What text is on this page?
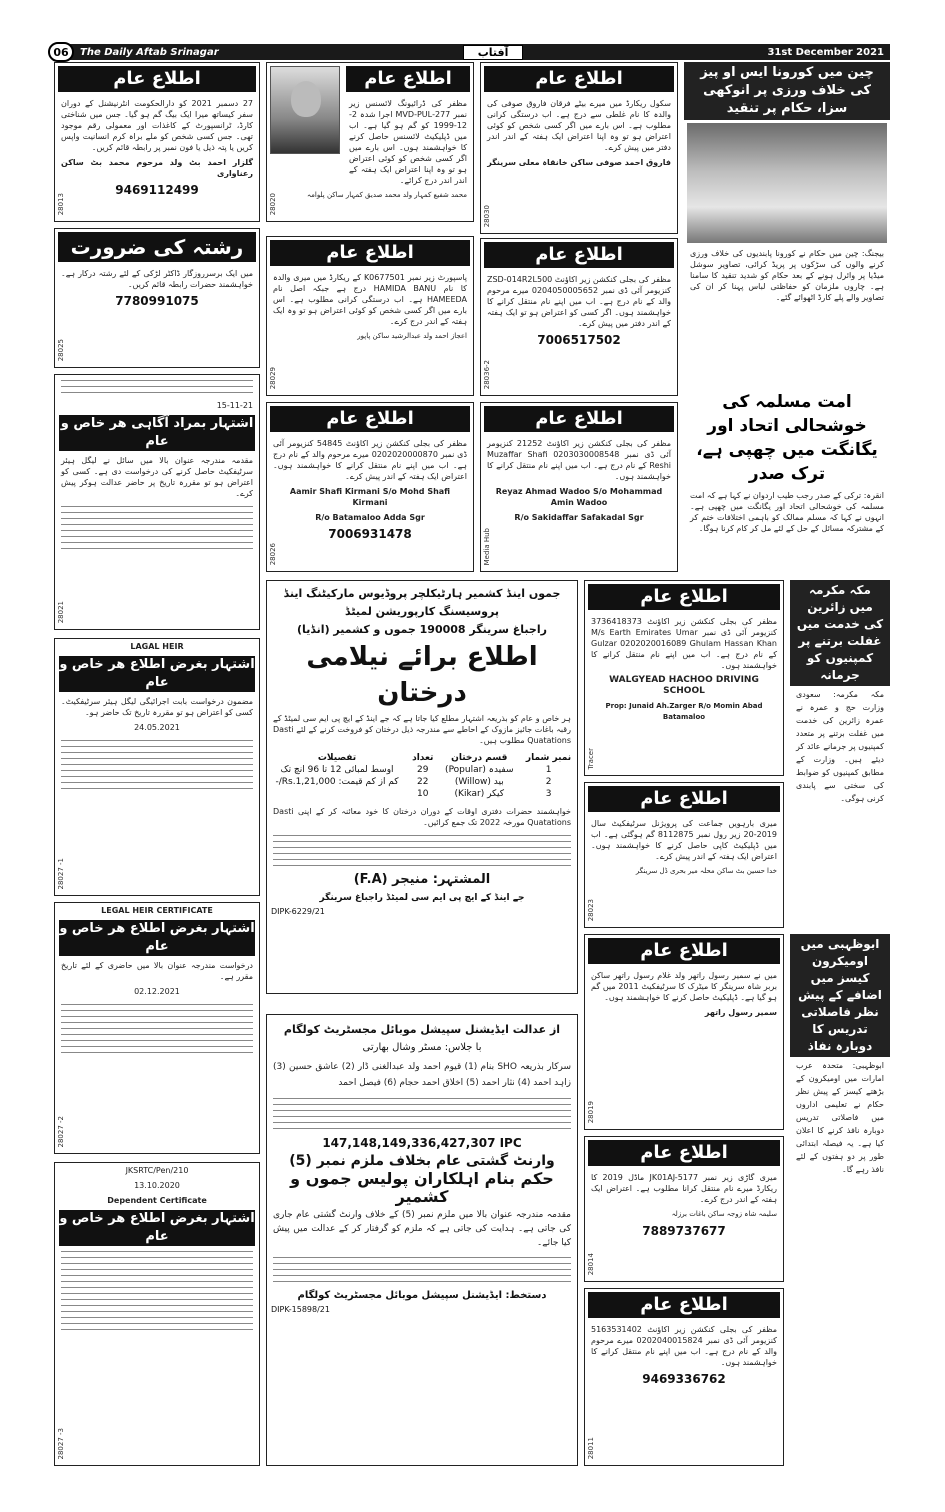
06	The Daily Aftab Srinagar	آفتاب	31st December 2021
اطلاع عام
27 دسمبر 2021 کو دارالحکومت انٹرنیشنل کے دوران سفر کیساتھ میرا ایک بیگ گم ہو گیا۔ جس میں شناختی کارڈ، ٹرانسپورٹ کے کاغذات اور معمولی رقم موجود تھی۔ جس کسی شخص کو ملے براہ کرم انسانیت واپس کریں یا پتہ ذیل یا فون نمبر پر رابطہ قائم کریں۔
گلزار احمد بٹ ولد مرحوم محمد بٹ ساکن رعناواری
9469112499
28013
اطلاع عام
مظفر کی ڈرائیونگ لائسنس زیر نمبر 277-MVD-PUL اجرا شدہ 2-12-1999 کو گم ہو گیا ہے۔ اب میں ڈپلیکیٹ لائسنس حاصل کرنے کا خواہشمند ہوں۔ اس بارے میں اگر کسی شخص کو کوئی اعتراض ہو تو وہ اپنا اعتراض ایک ہفتہ کے اندر اندر درج کرائے۔
محمد شفیع کمہار ولد محمد صدیق کمہار ساکن پلوامہ
28020
اطلاع عام
سکول ریکارڈ میں میرے بیٹے فرقان فاروق صوفی کی والدہ کا نام غلطی سے درج ہے۔ اب درستگی کرانی مطلوب ہے۔ اس بارے میں اگر کسی شخص کو کوئی اعتراض ہو تو وہ اپنا اعتراض ایک ہفتہ کے اندر اندر دفتر میں پیش کرے۔
فاروق احمد صوفی ساکن خانقاہ معلی سرینگر
28030
چین میں کورونا ایس او پیز کی خلاف ورزی پر انوکھی سزا، حکام پر تنقید
بیجنگ: چین میں حکام نے کورونا پابندیوں کی خلاف ورزی کرنے والوں کی سڑکوں پر پریڈ کرائی، تصاویر سوشل میڈیا پر وائرل ہونے کے بعد حکام کو شدید تنقید کا سامنا ہے۔ چاروں ملزمان کو حفاظتی لباس پہنا کر ان کی تصاویر والے پلے کارڈ اٹھوائے گئے۔
رشتہ کی ضرورت
میں ایک برسرروزگار ڈاکٹر لڑکی کے لئے رشتہ درکار ہے۔ خواہشمند حضرات رابطہ قائم کریں۔
7780991075
28025
اطلاع عام
پاسپورٹ زیر نمبر K0677501 کے ریکارڈ میں میری والدہ کا نام HAMIDA BANU درج ہے جبکہ اصل نام HAMEEDA ہے۔ اب درستگی کرانی مطلوب ہے۔ اس بارے میں اگر کسی شخص کو کوئی اعتراض ہو تو وہ ایک ہفتہ کے اندر درج کرے۔
اعجاز احمد ولد عبدالرشید ساکن پاپور
28029
اطلاع عام
مظفر کی بجلی کنکشن زیر اکاؤنٹ ZSD-014R2L500 کنزیومر آئی ڈی نمبر 0204050005652 میرے مرحوم والد کے نام درج ہے۔ اب میں اپنے نام منتقل کرانے کا خواہشمند ہوں۔ اگر کسی کو اعتراض ہو تو ایک ہفتہ کے اندر دفتر میں پیش کرے۔
7006517502
28036-2
15-11-21
اشتہار بمراد آگاہی هر خاص و عام
مقدمہ مندرجہ عنوان بالا میں سائل نے لیگل ہیئر سرٹیفکیٹ حاصل کرنے کی درخواست دی ہے۔ کسی کو اعتراض ہو تو مقررہ تاریخ پر حاضر عدالت ہوکر پیش کرے۔
28021
LAGAL HEIR
اشتہار بغرض اطلاع هر خاص و عام
مضمون درخواست بابت اجرائیگی لیگل ہیئر سرٹیفکیٹ۔ کسی کو اعتراض ہو تو مقررہ تاریخ تک حاضر ہو۔
24.05.2021
28027 -1
LEGAL HEIR CERTIFICATE
اشتہار بغرض اطلاع هر خاص و عام
درخواست مندرجہ عنوان بالا میں حاضری کے لئے تاریخ مقرر ہے۔
02.12.2021
28027 -2
JKSRTC/Pen/210
13.10.2020
Dependent Certificate
اشتہار بغرض اطلاع هر خاص و عام
28027 -3
اطلاع عام
مظفر کی بجلی کنکشن زیر اکاؤنٹ 54845 کنزیومر آئی ڈی نمبر 0202020000870 میرے مرحوم والد کے نام درج ہے۔ اب میں اپنے نام منتقل کرانے کا خواہشمند ہوں۔ اعتراض ایک ہفتہ کے اندر پیش کرے۔
Aamir Shafi Kirmani S/o Mohd Shafi Kirmani
R/o Batamaloo Adda Sgr
7006931478
28026
اطلاع عام
مظفر کی بجلی کنکشن زیر اکاؤنٹ 21252 کنزیومر آئی ڈی نمبر 0203030008548 Muzaffar Shafi Reshi کے نام درج ہے۔ اب میں اپنے نام منتقل کرانے کا خواہشمند ہوں۔
Reyaz Ahmad Wadoo S/o Mohammad Amin Wadoo
R/o Sakidaffar Safakadal Sgr
Media Hub
امت مسلمہ کی خوشحالی اتحاد اور یگانگت میں چھپی ہے، ترک صدر
انقرہ: ترکی کے صدر رجب طیب اردوان نے کہا ہے کہ امت مسلمہ کی خوشحالی اتحاد اور یگانگت میں چھپی ہے۔ انہوں نے کہا کہ مسلم ممالک کو باہمی اختلافات ختم کر کے مشترکہ مسائل کے حل کے لئے مل کر کام کرنا ہوگا۔
جموں اینڈ کشمیر ہارٹیکلچر پروڈیوس مارکیٹنگ اینڈ پروسیسنگ کارپوریشن لمیٹڈ
راجباغ سرینگر 190008 جموں و کشمیر (انڈیا)
اطلاع برائے نیلامی درختان
ہر خاص و عام کو بذریعہ اشتہار مطلع کیا جاتا ہے کہ جے اینڈ کے ایچ پی ایم سی لمیٹڈ کے رقبہ باغات جائیز مازوک کے احاطے سے مندرجہ ذیل درختان کو فروخت کرنے کے لئے Dasti Quatations مطلوب ہیں۔
نمبر شمار	قسم درختان	تعداد	تفصیلات
1	سفیدہ (Popular)	29	اوسط لمبائی 12 تا 96 انچ تک
2	بید (Willow)	22	کم از کم قیمت: Rs.1,21,000/-
3	کیکر (Kikar)	10	
خواہشمند حضرات دفتری اوقات کے دوران درختان کا خود معائنہ کر کے اپنی Dasti Quatations مورخہ 2022 تک جمع کرائیں۔
المشتہر: منیجر (F.A)
جے اینڈ کے ایچ پی ایم سی لمیٹڈ راجباغ سرینگر
DIPK-6229/21
اطلاع عام
مظفر کی بجلی کنکشن زیر اکاؤنٹ 3736418373 کنزیومر آئی ڈی نمبر M/s Earth Emirates Umar Gulzar 0202020016089 Ghulam Hassan Khan کے نام درج ہے۔ اب میں اپنے نام منتقل کرانے کا خواہشمند ہوں۔
WALGYEAD HACHOO DRIVING SCHOOL
Prop: Junaid Ah.Zarger R/o Momin Abad Batamaloo
Tracer
اطلاع عام
میری بارہویں جماعت کی پرویژنل سرٹیفکیٹ سال 2019-20 زیر رول نمبر 8112875 گم ہوگئی ہے۔ اب میں ڈپلیکیٹ کاپی حاصل کرنے کا خواہشمند ہوں۔ اعتراض ایک ہفتہ کے اندر پیش کرے۔
خدا حسین بٹ ساکن محلہ میر بحری ڈل سرینگر
28023
اطلاع عام
میں نے سمیر رسول راتھر ولد غلام رسول راتھر ساکن بربر شاہ سرینگر کا میٹرک کا سرٹیفکیٹ 2011 میں گم ہو گیا ہے۔ ڈپلیکیٹ حاصل کرنے کا خواہشمند ہوں۔
سمیر رسول راتھر
28019
اطلاع عام
میری گاڑی زیر نمبر JK01AJ-5177 ماڈل 2019 کا ریکارڈ میرے نام منتقل کرانا مطلوب ہے۔ اعتراض ایک ہفتہ کے اندر درج کرے۔
سلیمہ شاہ زوجہ ساکن باغات برزلہ
7889737677
28014
اطلاع عام
مظفر کی بجلی کنکشن زیر اکاؤنٹ 5163531402 کنزیومر آئی ڈی نمبر 0202040015824 میرے مرحوم والد کے نام درج ہے۔ اب میں اپنے نام منتقل کرانے کا خواہشمند ہوں۔
9469336762
28011
از عدالت ایڈیشنل سپیشل موبائل مجسٹریٹ کولگام
با جلاس: مسٹر وشال بھارتی
سرکار بذریعہ SHO بنام (1) قیوم احمد ولد عبدالغنی ڈار (2) عاشق حسین (3) زاہد احمد (4) نثار احمد (5) اخلاق احمد حجام (6) فیصل احمد
147,148,149,336,427,307 IPC
وارنٹ گشتی عام بخلاف ملزم نمبر (5)
حکم بنام اہلکاران پولیس جموں و کشمیر
مقدمہ مندرجہ عنوان بالا میں ملزم نمبر (5) کے خلاف وارنٹ گشتی عام جاری کی جاتی ہے۔ ہدایت کی جاتی ہے کہ ملزم کو گرفتار کر کے عدالت میں پیش کیا جائے۔
دستخط: ایڈیشنل سپیشل موبائل مجسٹریٹ کولگام
DIPK-15898/21
مکہ مکرمہ میں زائرین کی خدمت میں غفلت برتنے پر کمپنیوں کو جرمانہ
مکہ مکرمہ: سعودی وزارت حج و عمرہ نے عمرہ زائرین کی خدمت میں غفلت برتنے پر متعدد کمپنیوں پر جرمانے عائد کر دیئے ہیں۔ وزارت کے مطابق کمپنیوں کو ضوابط کی سختی سے پابندی کرنی ہوگی۔
ابوظہبی میں اومیکرون کیسز میں اضافے کے پیش نظر فاصلاتی تدریس کا دوبارہ نفاذ
ابوظہبی: متحدہ عرب امارات میں اومیکرون کے بڑھتے کیسز کے پیش نظر حکام نے تعلیمی اداروں میں فاصلاتی تدریس دوبارہ نافذ کرنے کا اعلان کیا ہے۔ یہ فیصلہ ابتدائی طور پر دو ہفتوں کے لئے نافذ رہے گا۔
